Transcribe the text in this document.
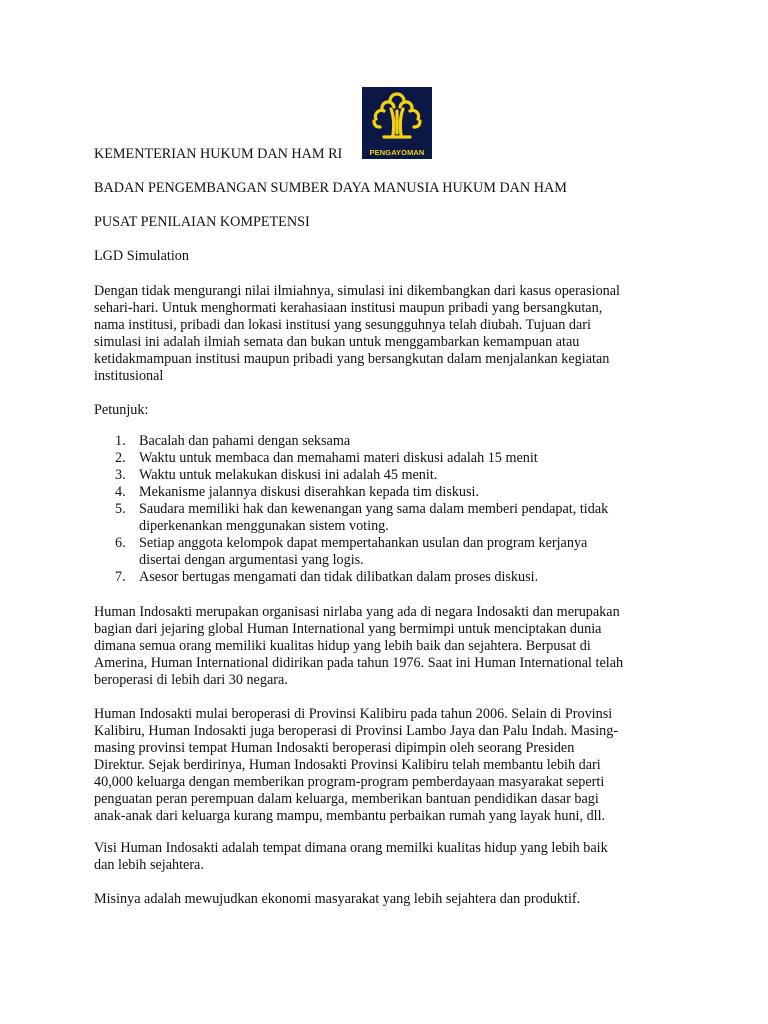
PENGAYOMAN
KEMENTERIAN HUKUM DAN HAM RI
BADAN PENGEMBANGAN SUMBER DAYA MANUSIA HUKUM DAN HAM
PUSAT PENILAIAN KOMPETENSI
LGD Simulation
Dengan tidak mengurangi nilai ilmiahnya, simulasi ini dikembangkan dari kasus operasional
sehari-hari. Untuk menghormati kerahasiaan institusi maupun pribadi yang bersangkutan,
nama institusi, pribadi dan lokasi institusi yang sesungguhnya telah diubah. Tujuan dari
simulasi ini adalah ilmiah semata dan bukan untuk menggambarkan kemampuan atau
ketidakmampuan institusi maupun pribadi yang bersangkutan dalam menjalankan kegiatan
institusional
Petunjuk:
1. Bacalah dan pahami dengan seksama
2. Waktu untuk membaca dan memahami materi diskusi adalah 15 menit
3. Waktu untuk melakukan diskusi ini adalah 45 menit.
4. Mekanisme jalannya diskusi diserahkan kepada tim diskusi.
5. Saudara memiliki hak dan kewenangan yang sama dalam memberi pendapat, tidak
diperkenankan menggunakan sistem voting.
6. Setiap anggota kelompok dapat mempertahankan usulan dan program kerjanya
disertai dengan argumentasi yang logis.
7. Asesor bertugas mengamati dan tidak dilibatkan dalam proses diskusi.
Human Indosakti merupakan organisasi nirlaba yang ada di negara Indosakti dan merupakan
bagian dari jejaring global Human International yang bermimpi untuk menciptakan dunia
dimana semua orang memiliki kualitas hidup yang lebih baik dan sejahtera. Berpusat di
Amerina, Human International didirikan pada tahun 1976. Saat ini Human International telah
beroperasi di lebih dari 30 negara.
Human Indosakti mulai beroperasi di Provinsi Kalibiru pada tahun 2006. Selain di Provinsi
Kalibiru, Human Indosakti juga beroperasi di Provinsi Lambo Jaya dan Palu Indah. Masing-
masing provinsi tempat Human Indosakti beroperasi dipimpin oleh seorang Presiden
Direktur. Sejak berdirinya, Human Indosakti Provinsi Kalibiru telah membantu lebih dari
40,000 keluarga dengan memberikan program-program pemberdayaan masyarakat seperti
penguatan peran perempuan dalam keluarga, memberikan bantuan pendidikan dasar bagi
anak-anak dari keluarga kurang mampu, membantu perbaikan rumah yang layak huni, dll.
Visi Human Indosakti adalah tempat dimana orang memilki kualitas hidup yang lebih baik
dan lebih sejahtera.
Misinya adalah mewujudkan ekonomi masyarakat yang lebih sejahtera dan produktif.
